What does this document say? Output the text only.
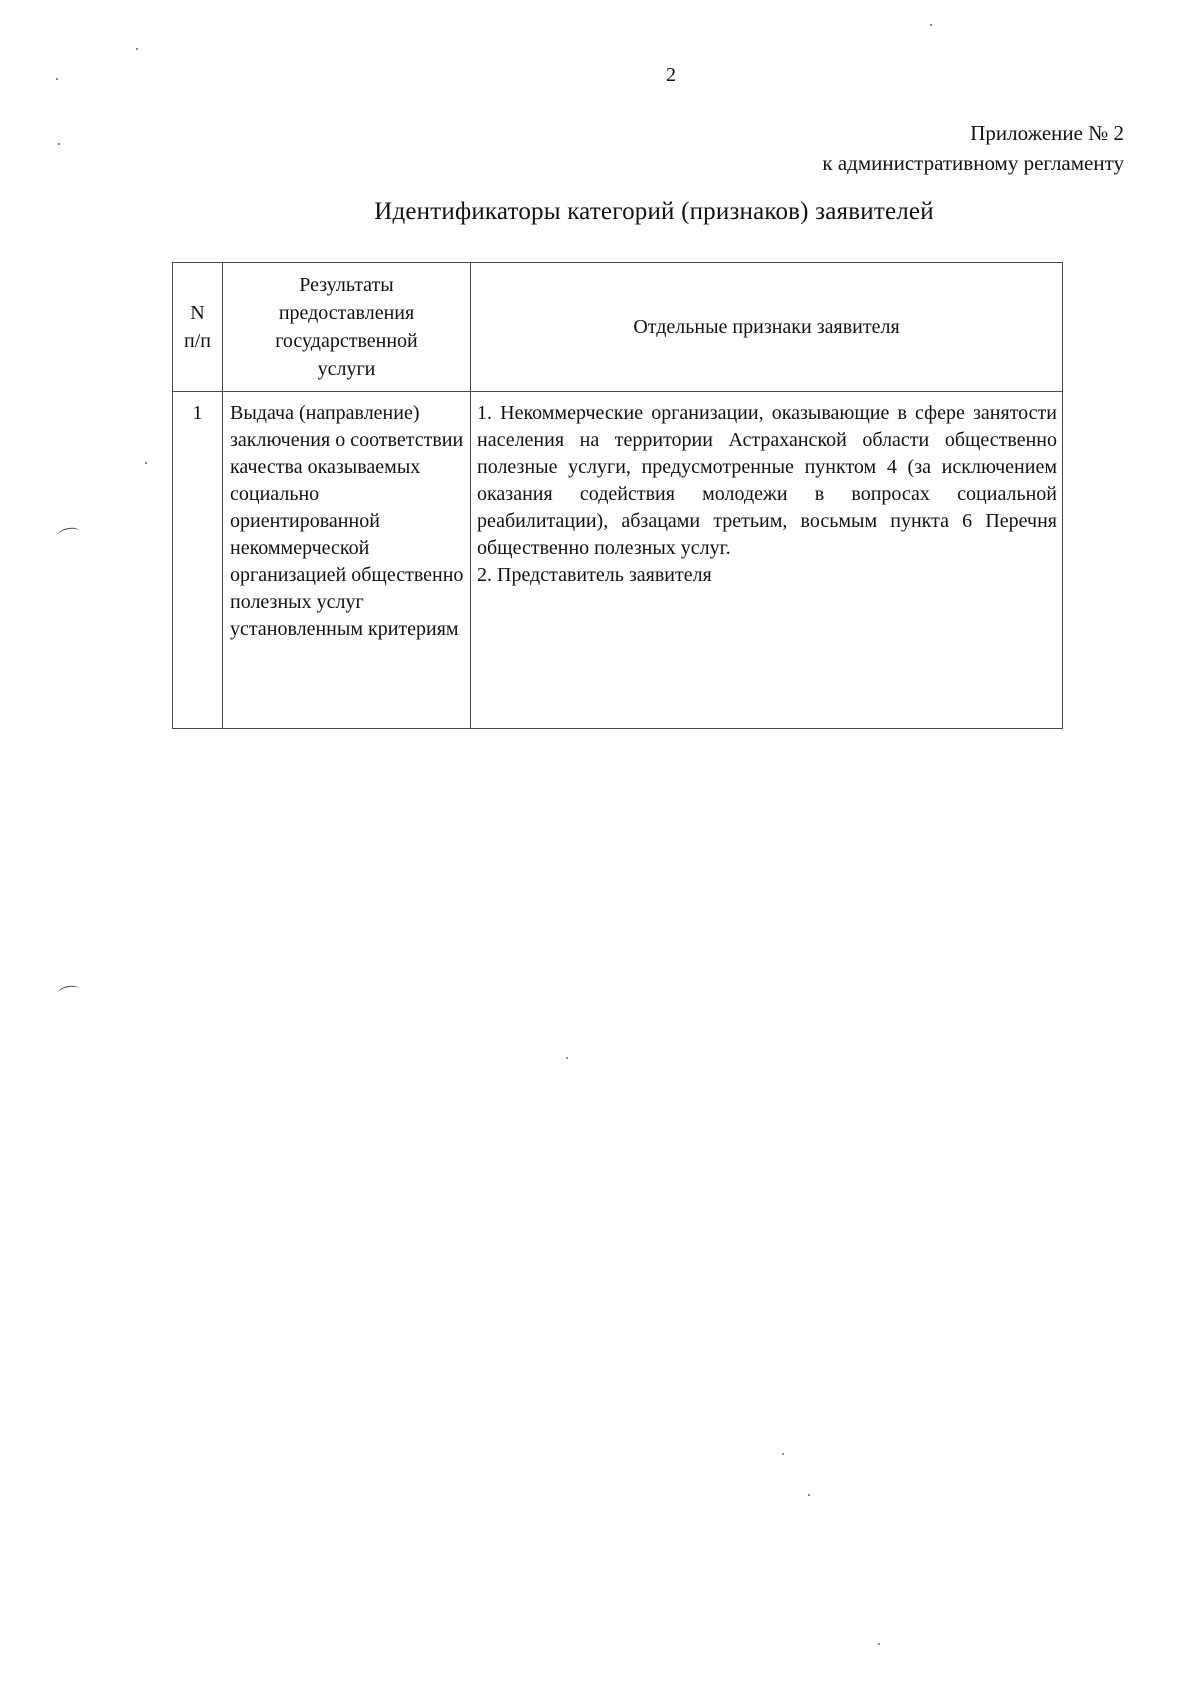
2
Приложение № 2
к административному регламенту
Идентификаторы категорий (признаков) заявителей
N
п/п	Результаты предоставления государственной услуги	Отдельные признаки заявителя

1	Выдача (направление) заключения о соответствии качества оказываемых социально ориентированной некоммерческой организацией общественно полезных услуг установленным критериям	1. Некоммерческие организации, оказывающие в сфере занятости населения на территории Астраханской области общественно полезные услуги, предусмотренные пунктом 4 (за исключением оказания содействия молодежи в вопросах социальной реабилитации), абзацами третьим, восьмым пункта 6 Перечня общественно полезных услуг.
2. Представитель заявителя
